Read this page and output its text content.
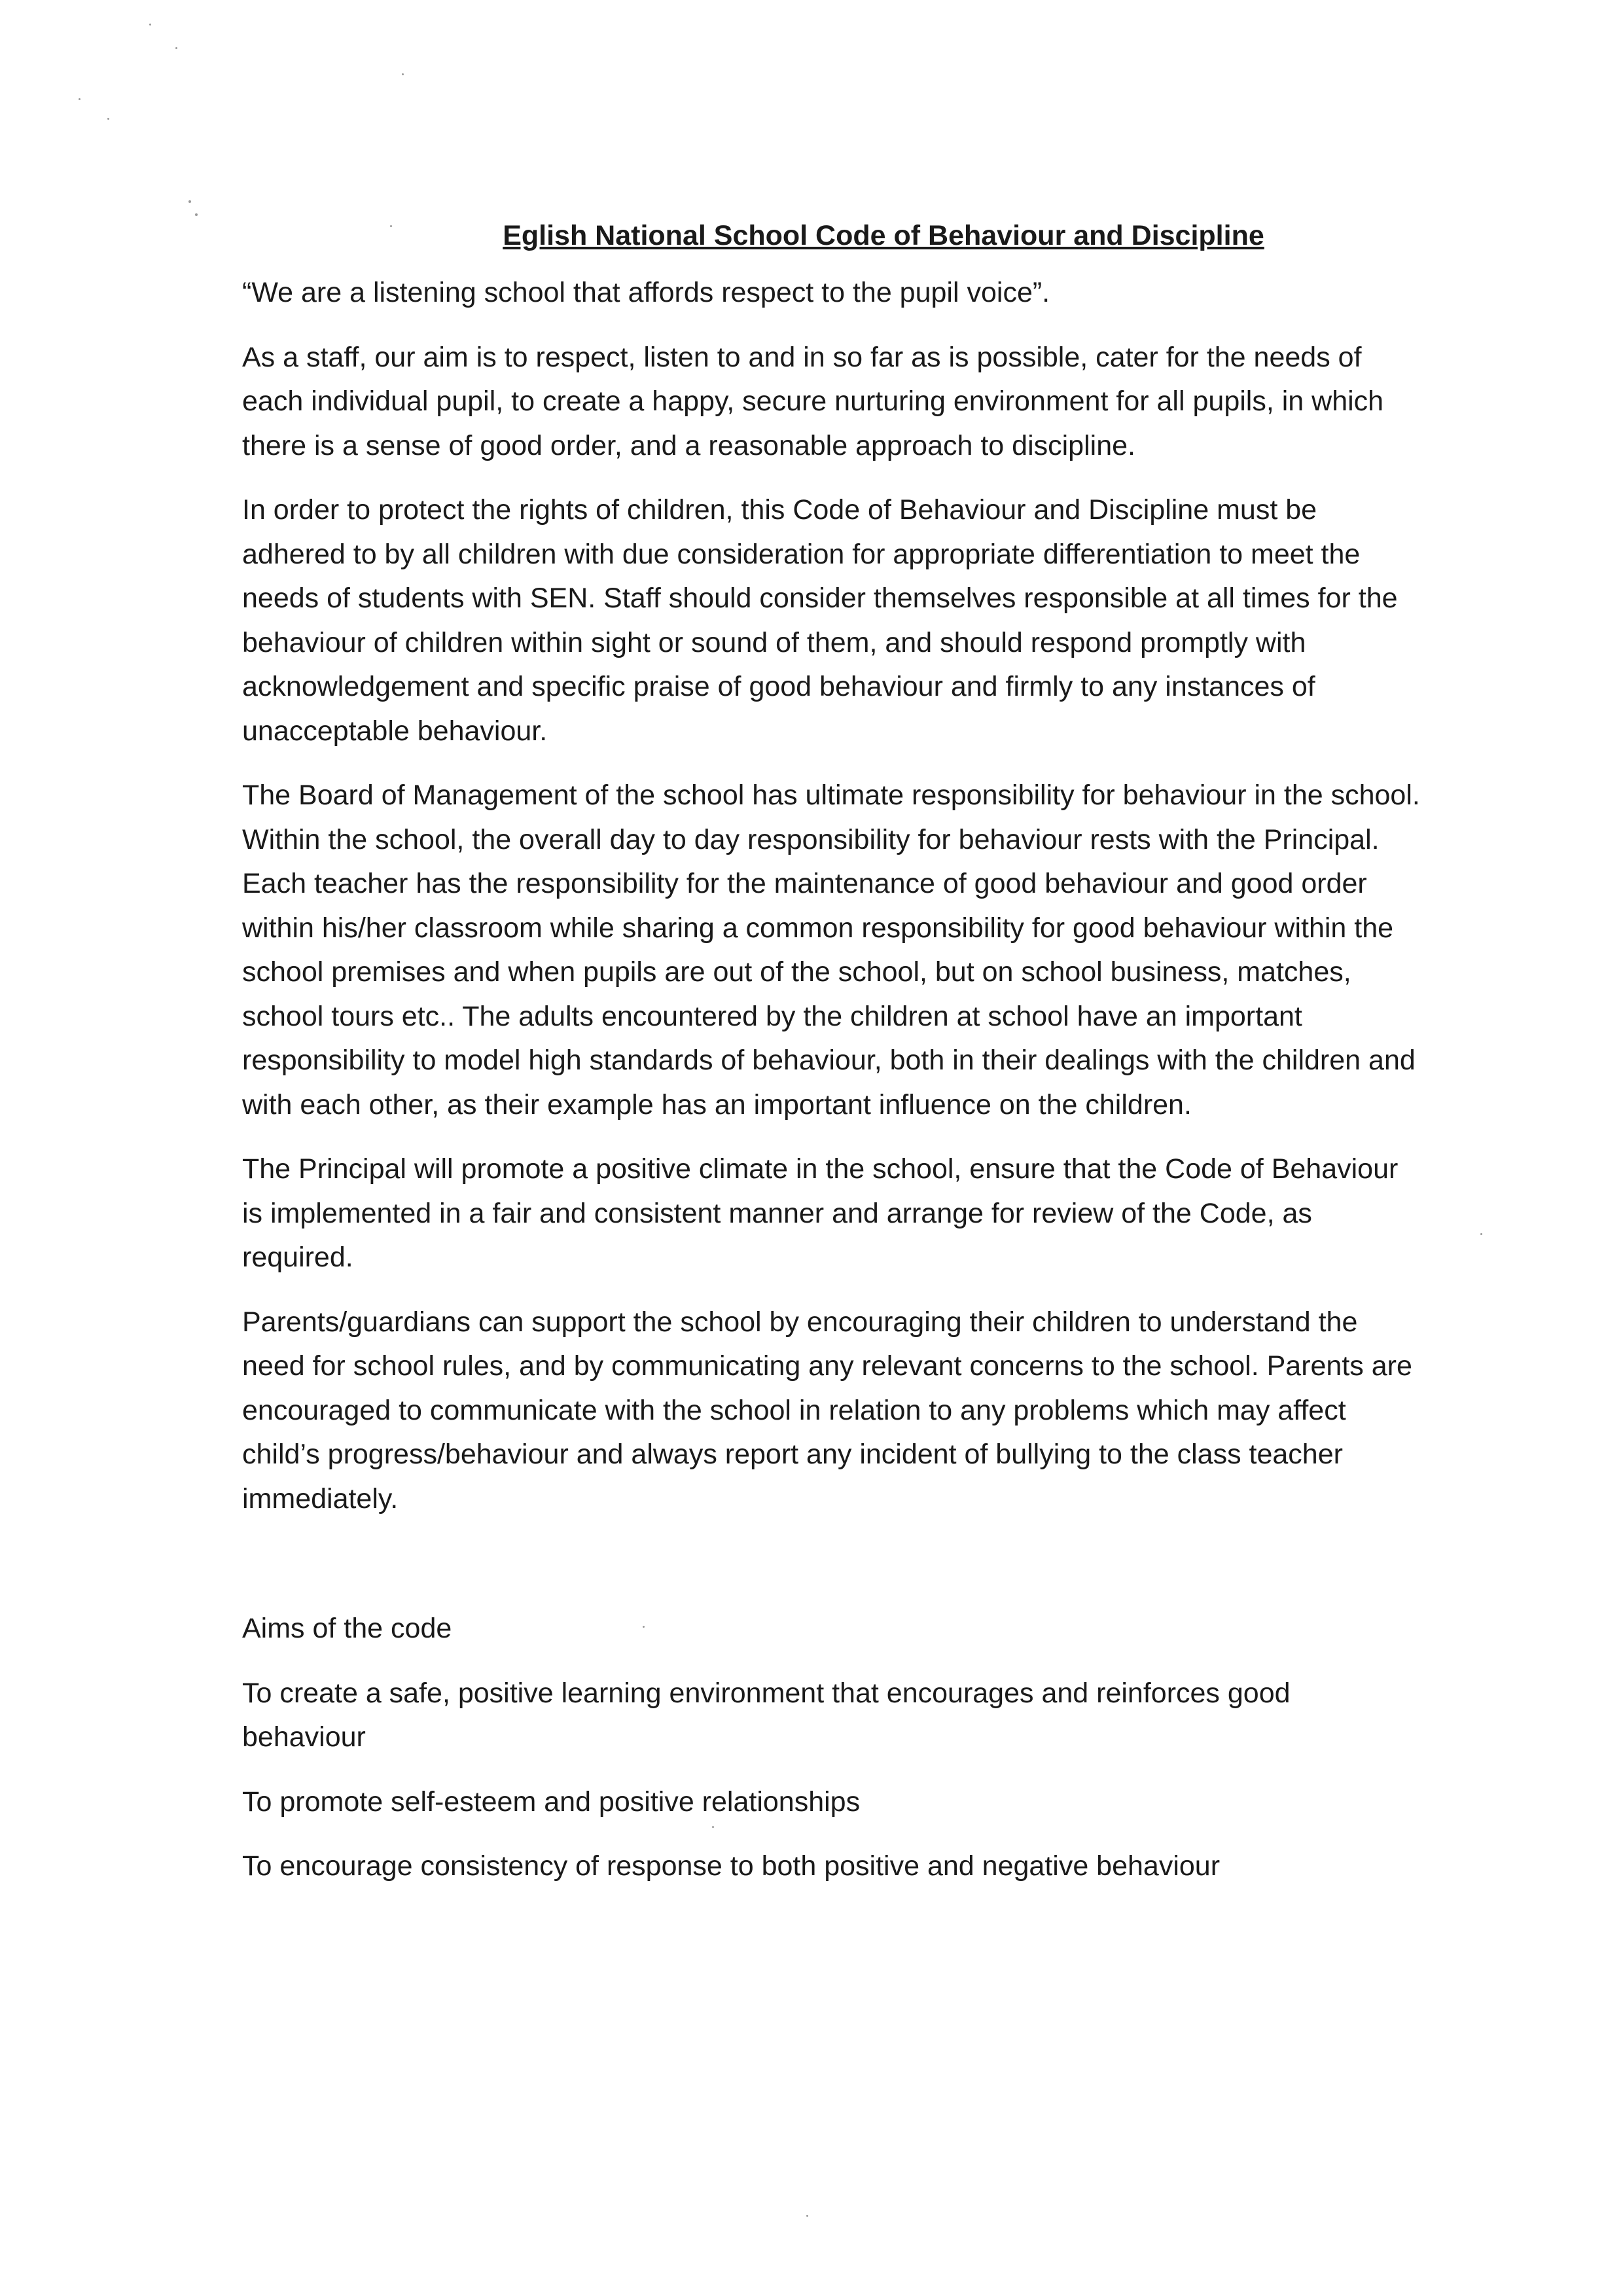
Eglish National School Code of Behaviour and Discipline

“We are a listening school that affords respect to the pupil voice”.

As a staff, our aim is to respect, listen to and in so far as is possible, cater for the needs of each individual pupil, to create a happy, secure nurturing environment for all pupils, in which there is a sense of good order, and a reasonable approach to discipline.

In order to protect the rights of children, this Code of Behaviour and Discipline must be adhered to by all children with due consideration for appropriate differentiation to meet the needs of students with SEN. Staff should consider themselves responsible at all times for the behaviour of children within sight or sound of them, and should respond promptly with acknowledgement and specific praise of good behaviour and firmly to any instances of unacceptable behaviour.

The Board of Management of the school has ultimate responsibility for behaviour in the school. Within the school, the overall day to day responsibility for behaviour rests with the Principal. Each teacher has the responsibility for the maintenance of good behaviour and good order within his/her classroom while sharing a common responsibility for good behaviour within the school premises and when pupils are out of the school, but on school business, matches, school tours etc.. The adults encountered by the children at school have an important responsibility to model high standards of behaviour, both in their dealings with the children and with each other, as their example has an important influence on the children.

The Principal will promote a positive climate in the school, ensure that the Code of Behaviour is implemented in a fair and consistent manner and arrange for review of the Code, as required.

Parents/guardians can support the school by encouraging their children to understand the need for school rules, and by communicating any relevant concerns to the school. Parents are encouraged to communicate with the school in relation to any problems which may affect child’s progress/behaviour and always report any incident of bullying to the class teacher immediately.

Aims of the code

To create a safe, positive learning environment that encourages and reinforces good behaviour

To promote self-esteem and positive relationships

To encourage consistency of response to both positive and negative behaviour
